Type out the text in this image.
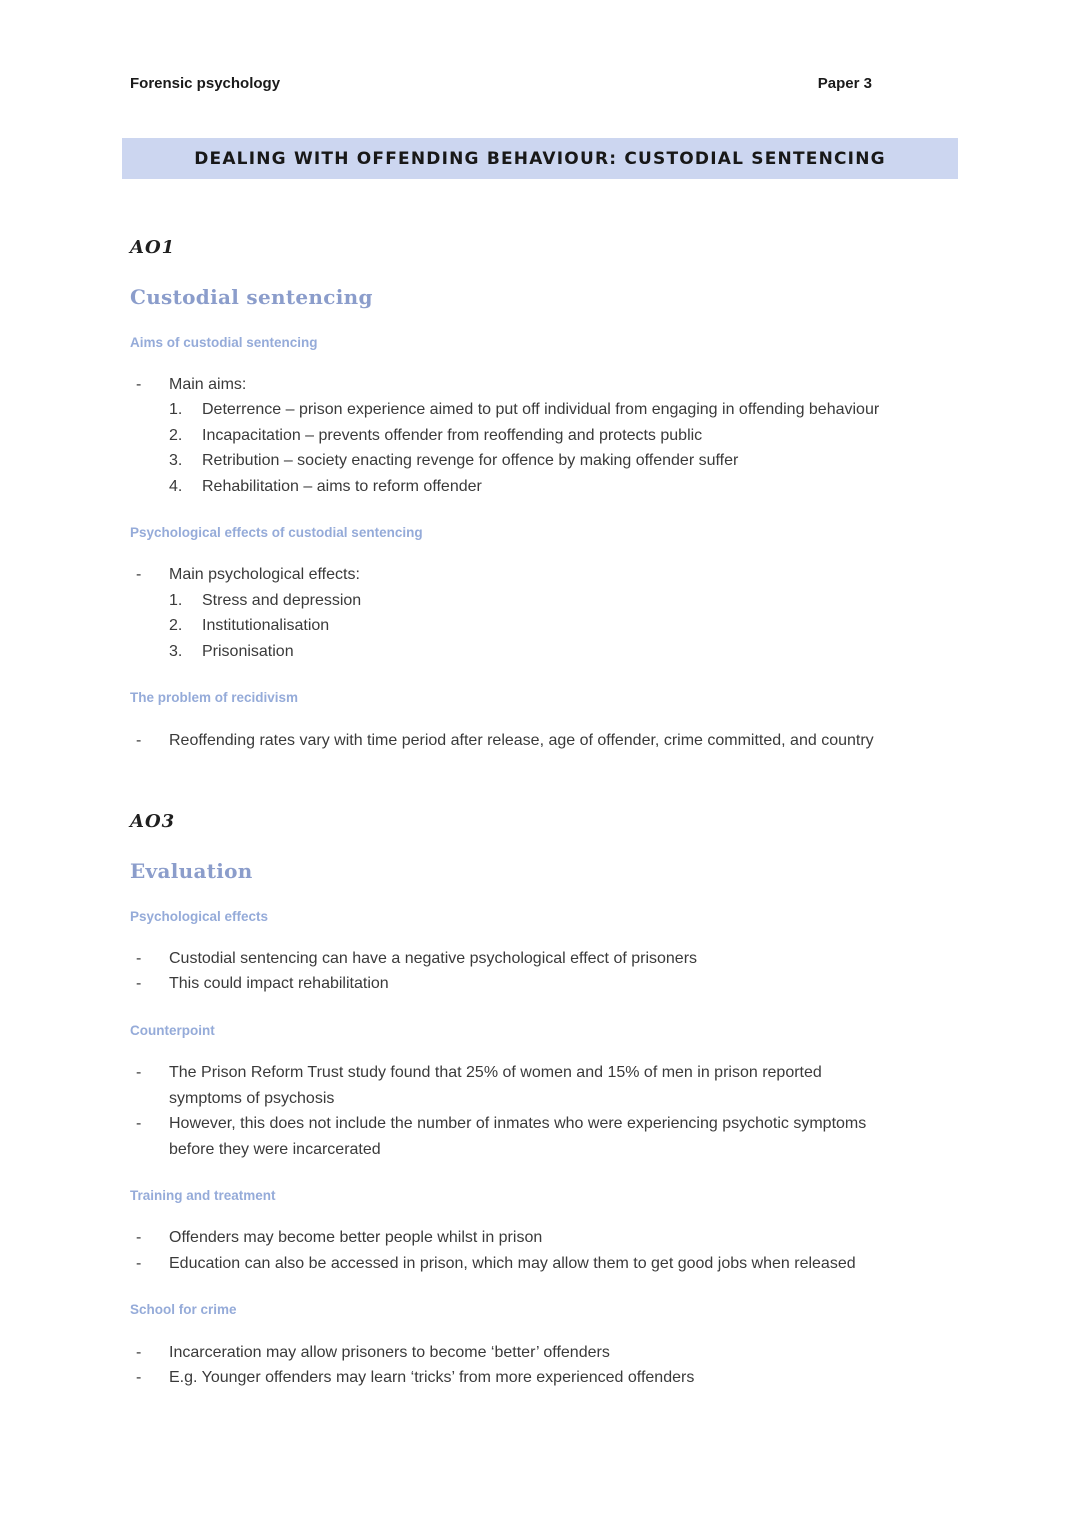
Forensic psychology	Paper 3
DEALING WITH OFFENDING BEHAVIOUR: CUSTODIAL SENTENCING
AO1
Custodial sentencing
Aims of custodial sentencing
-	Main aims:
1.	Deterrence – prison experience aimed to put off individual from engaging in offending behaviour
2.	Incapacitation – prevents offender from reoffending and protects public
3.	Retribution – society enacting revenge for offence by making offender suffer
4.	Rehabilitation – aims to reform offender
Psychological effects of custodial sentencing
-	Main psychological effects:
1.	Stress and depression
2.	Institutionalisation
3.	Prisonisation
The problem of recidivism
-	Reoffending rates vary with time period after release, age of offender, crime committed, and country
AO3
Evaluation
Psychological effects
-	Custodial sentencing can have a negative psychological effect of prisoners
-	This could impact rehabilitation
Counterpoint
-	The Prison Reform Trust study found that 25% of women and 15% of men in prison reported
symptoms of psychosis
-	However, this does not include the number of inmates who were experiencing psychotic symptoms
before they were incarcerated
Training and treatment
-	Offenders may become better people whilst in prison
-	Education can also be accessed in prison, which may allow them to get good jobs when released
School for crime
-	Incarceration may allow prisoners to become ‘better’ offenders
-	E.g. Younger offenders may learn ‘tricks’ from more experienced offenders
